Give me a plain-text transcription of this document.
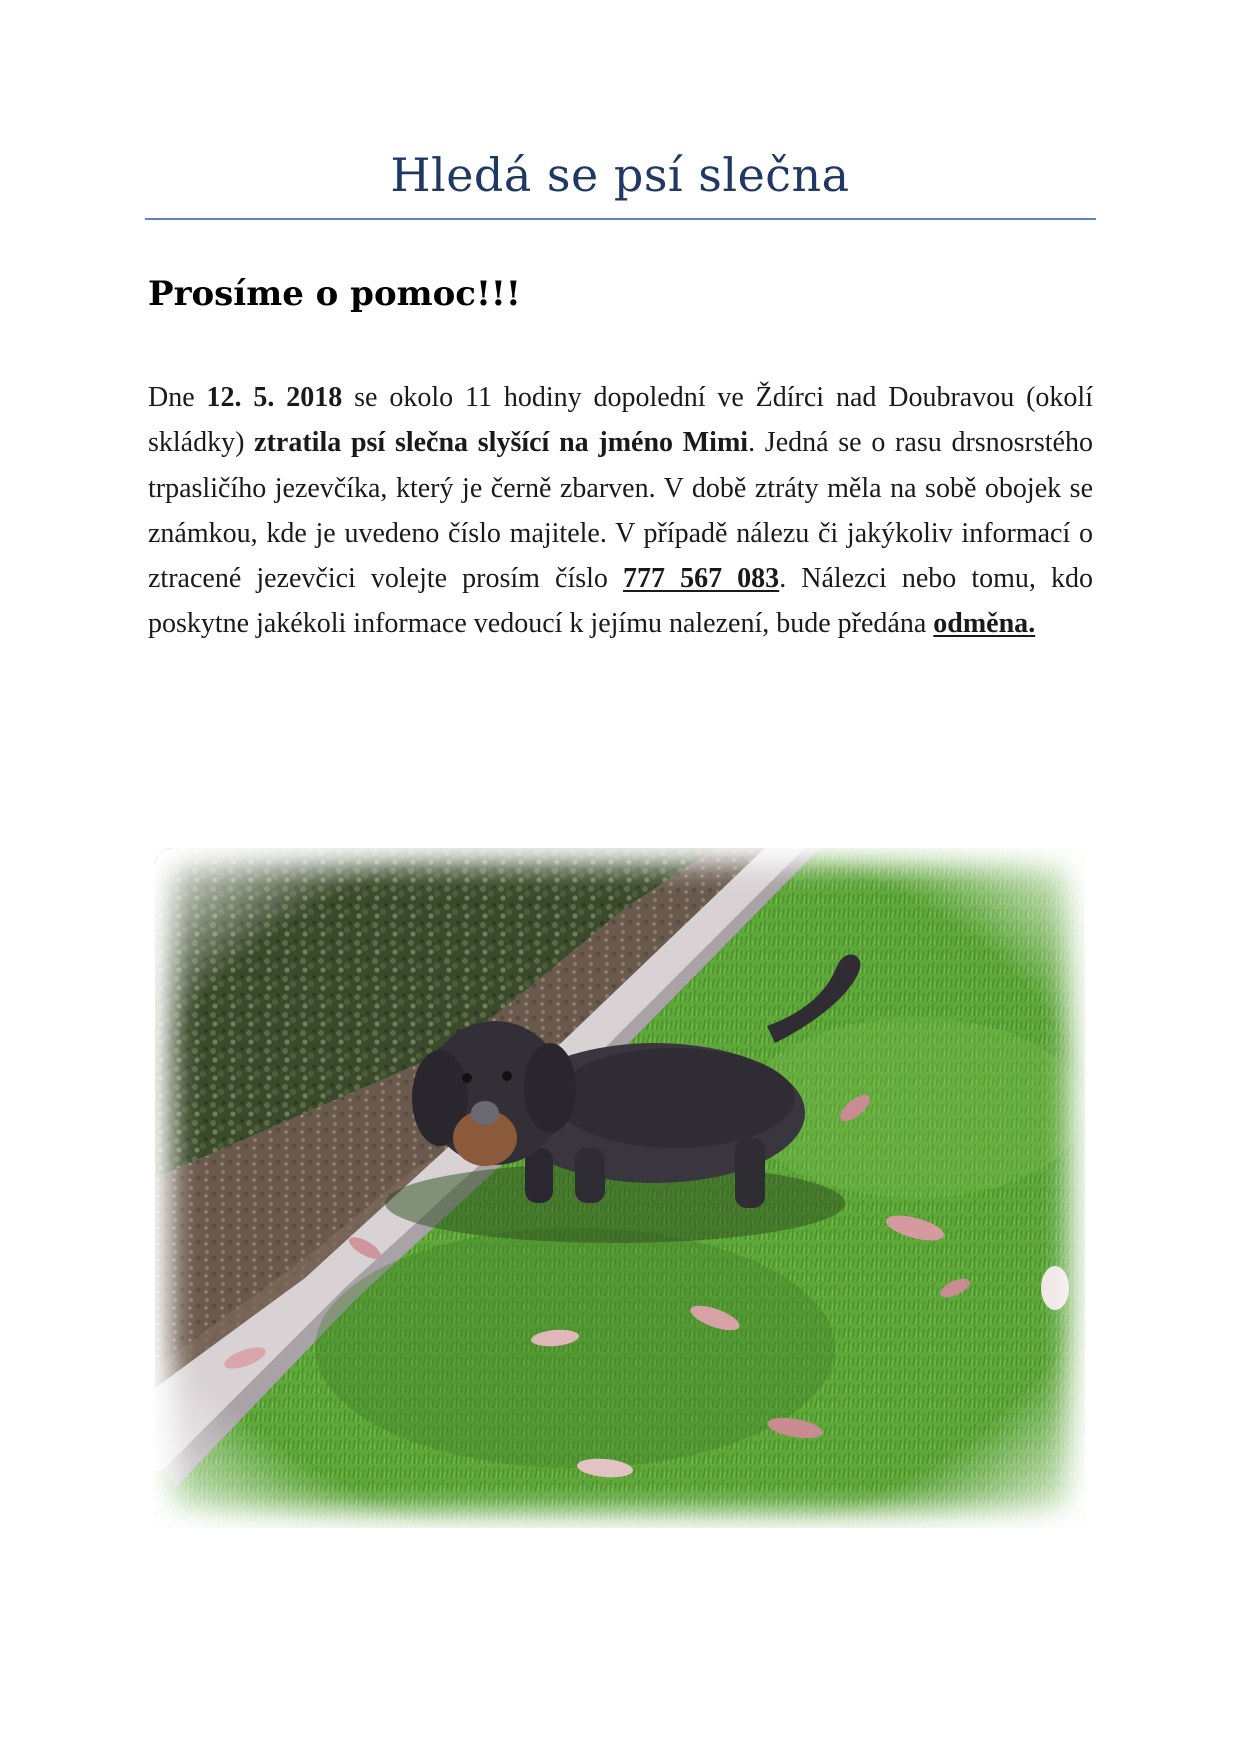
Hledá se psí slečna
Prosíme o pomoc!!!

Dne 12. 5. 2018 se okolo 11 hodiny dopolední ve Ždírci nad Doubravou (okolí skládky) ztratila psí slečna slyšící na jméno Mimi. Jedná se o rasu drsnosrstého trpasličího jezevčíka, který je černě zbarven. V době ztráty měla na sobě obojek se známkou, kde je uvedeno číslo majitele. V případě nálezu či jakýkoliv informací o ztracené jezevčici volejte prosím číslo 777 567 083. Nálezci nebo tomu, kdo poskytne jakékoli informace vedoucí k jejímu nalezení, bude předána odměna.
